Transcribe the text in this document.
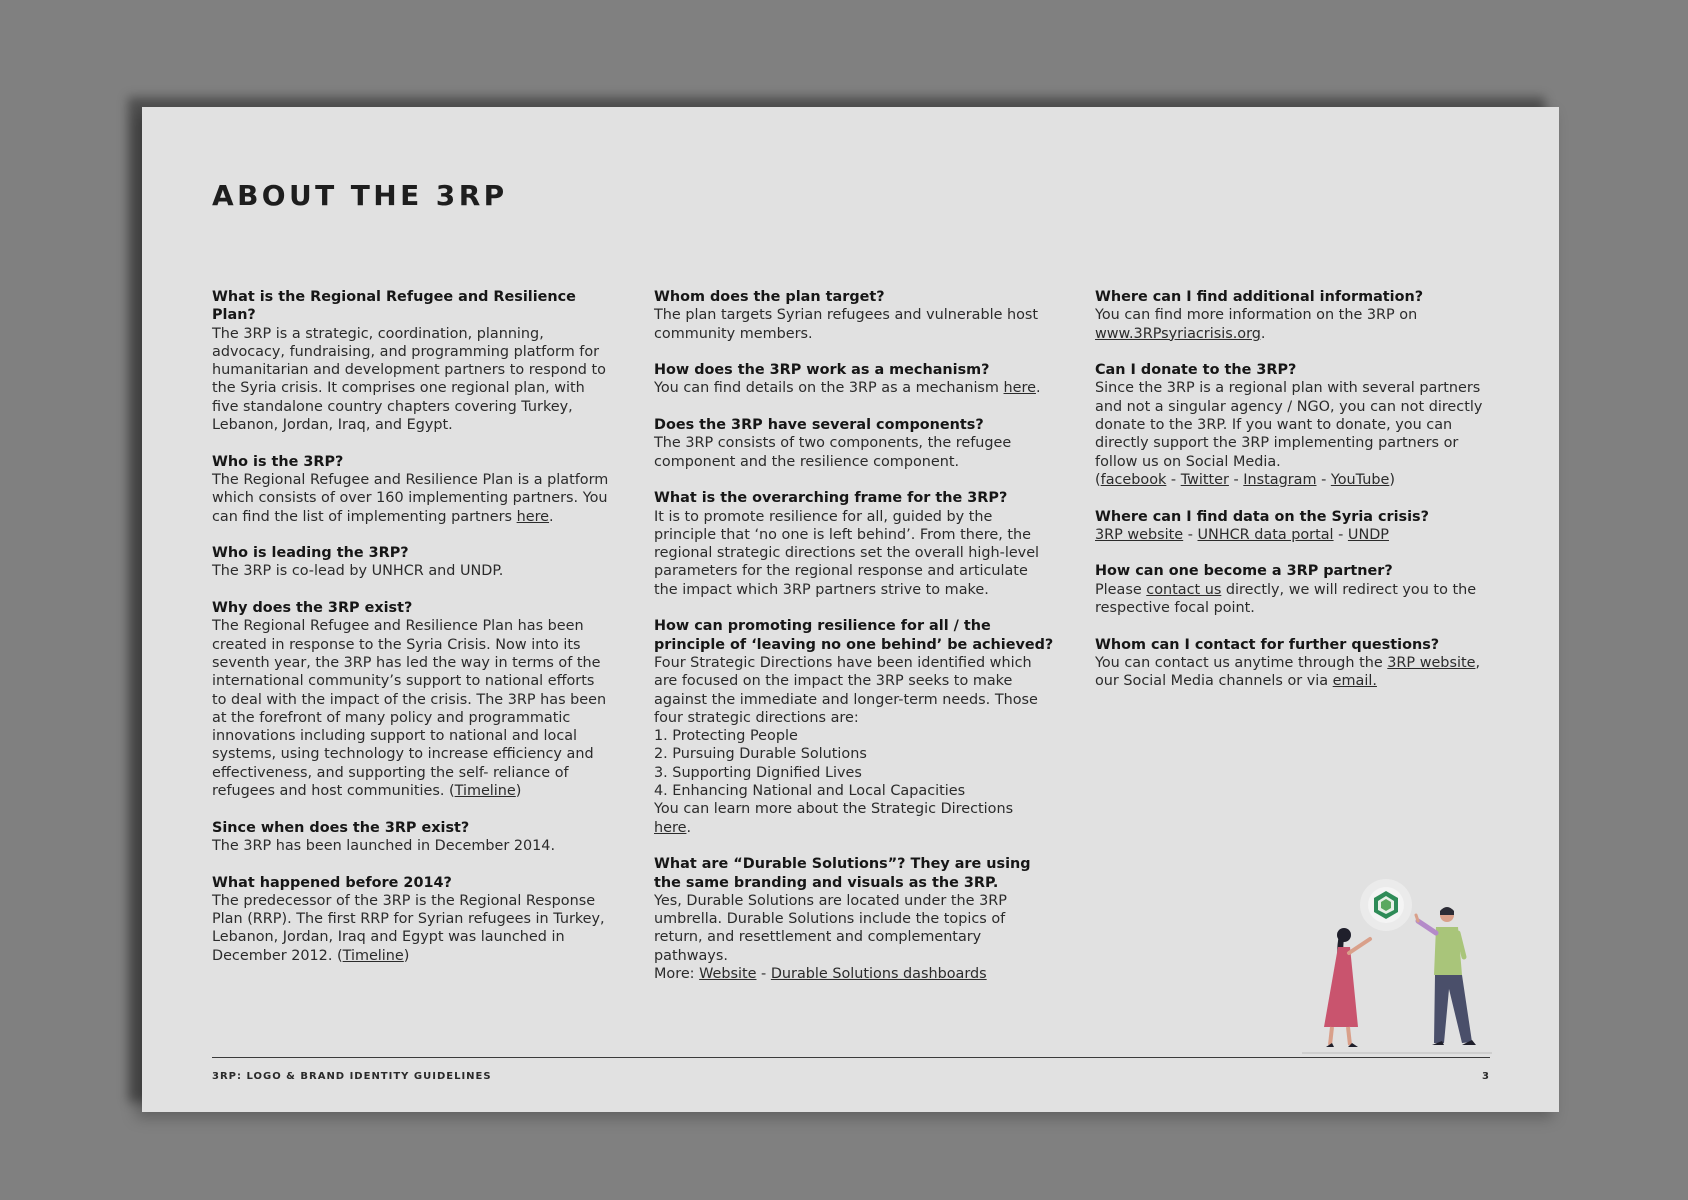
ABOUT THE 3RP
What is the Regional Refugee and Resilience Plan?
The 3RP is a strategic, coordination, planning, advocacy, fundraising, and programming platform for humanitarian and development partners to respond to the Syria crisis. It comprises one regional plan, with five standalone country chapters covering Turkey, Lebanon, Jordan, Iraq, and Egypt.
Who is the 3RP?
The Regional Refugee and Resilience Plan is a platform which consists of over 160 implementing partners. You can find the list of implementing partners here.
Who is leading the 3RP?
The 3RP is co-lead by UNHCR and UNDP.
Why does the 3RP exist?
The Regional Refugee and Resilience Plan has been created in response to the Syria Crisis. Now into its seventh year, the 3RP has led the way in terms of the international community’s support to national efforts to deal with the impact of the crisis. The 3RP has been at the forefront of many policy and programmatic innovations including support to national and local systems, using technology to increase efficiency and effectiveness, and supporting the self- reliance of refugees and host communities. (Timeline)
Since when does the 3RP exist?
The 3RP has been launched in December 2014.
What happened before 2014?
The predecessor of the 3RP is the Regional Response Plan (RRP). The first RRP for Syrian refugees in Turkey, Lebanon, Jordan, Iraq and Egypt was launched in December 2012. (Timeline)
Whom does the plan target?
The plan targets Syrian refugees and vulnerable host community members.
How does the 3RP work as a mechanism?
You can find details on the 3RP as a mechanism here.
Does the 3RP have several components?
The 3RP consists of two components, the refugee component and the resilience component.
What is the overarching frame for the 3RP?
It is to promote resilience for all, guided by the principle that ‘no one is left behind’. From there, the regional strategic directions set the overall high-level parameters for the regional response and articulate the impact which 3RP partners strive to make.
How can promoting resilience for all / the principle of ‘leaving no one behind’ be achieved?
Four Strategic Directions have been identified which are focused on the impact the 3RP seeks to make against the immediate and longer-term needs. Those four strategic directions are:
1. Protecting People
2. Pursuing Durable Solutions
3. Supporting Dignified Lives
4. Enhancing National and Local Capacities
You can learn more about the Strategic Directions here.
What are “Durable Solutions”? They are using the same branding and visuals as the 3RP.
Yes, Durable Solutions are located under the 3RP umbrella. Durable Solutions include the topics of return, and resettlement and complementary pathways.
More: Website - Durable Solutions dashboards
Where can I find additional information?
You can find more information on the 3RP on
www.3RPsyriacrisis.org.
Can I donate to the 3RP?
Since the 3RP is a regional plan with several partners and not a singular agency / NGO, you can not directly donate to the 3RP. If you want to donate, you can directly support the 3RP implementing partners or follow us on Social Media.
(facebook - Twitter - Instagram - YouTube)
Where can I find data on the Syria crisis?
3RP website - UNHCR data portal - UNDP
How can one become a 3RP partner?
Please contact us directly, we will redirect you to the respective focal point.
Whom can I contact for further questions?
You can contact us anytime through the 3RP website, our Social Media channels or via email.
3RP: LOGO & BRAND IDENTITY GUIDELINES	3
